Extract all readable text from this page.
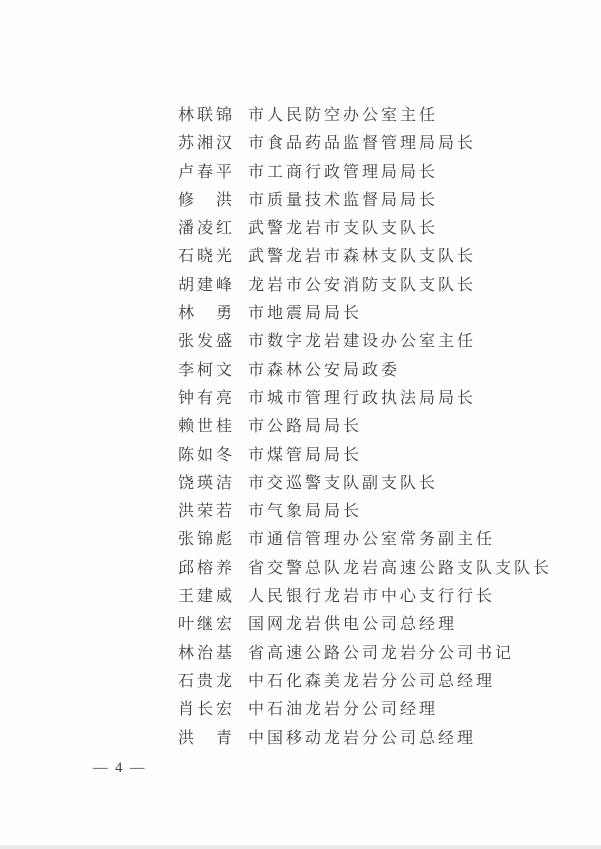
林联锦 市人民防空办公室主任
苏湘汉 市食品药品监督管理局局长
卢春平 市工商行政管理局局长
修　洪 市质量技术监督局局长
潘凌红 武警龙岩市支队支队长
石晓光 武警龙岩市森林支队支队长
胡建峰 龙岩市公安消防支队支队长
林　勇 市地震局局长
张发盛 市数字龙岩建设办公室主任
李柯文 市森林公安局政委
钟有亮 市城市管理行政执法局局长
赖世桂 市公路局局长
陈如冬 市煤管局局长
饶瑛洁 市交巡警支队副支队长
洪荣若 市气象局局长
张锦彪 市通信管理办公室常务副主任
邱榕养 省交警总队龙岩高速公路支队支队长
王建威 人民银行龙岩市中心支行行长
叶继宏 国网龙岩供电公司总经理
林治基 省高速公路公司龙岩分公司书记
石贵龙 中石化森美龙岩分公司总经理
肖长宏 中石油龙岩分公司经理
洪　青 中国移动龙岩分公司总经理
— 4 —
